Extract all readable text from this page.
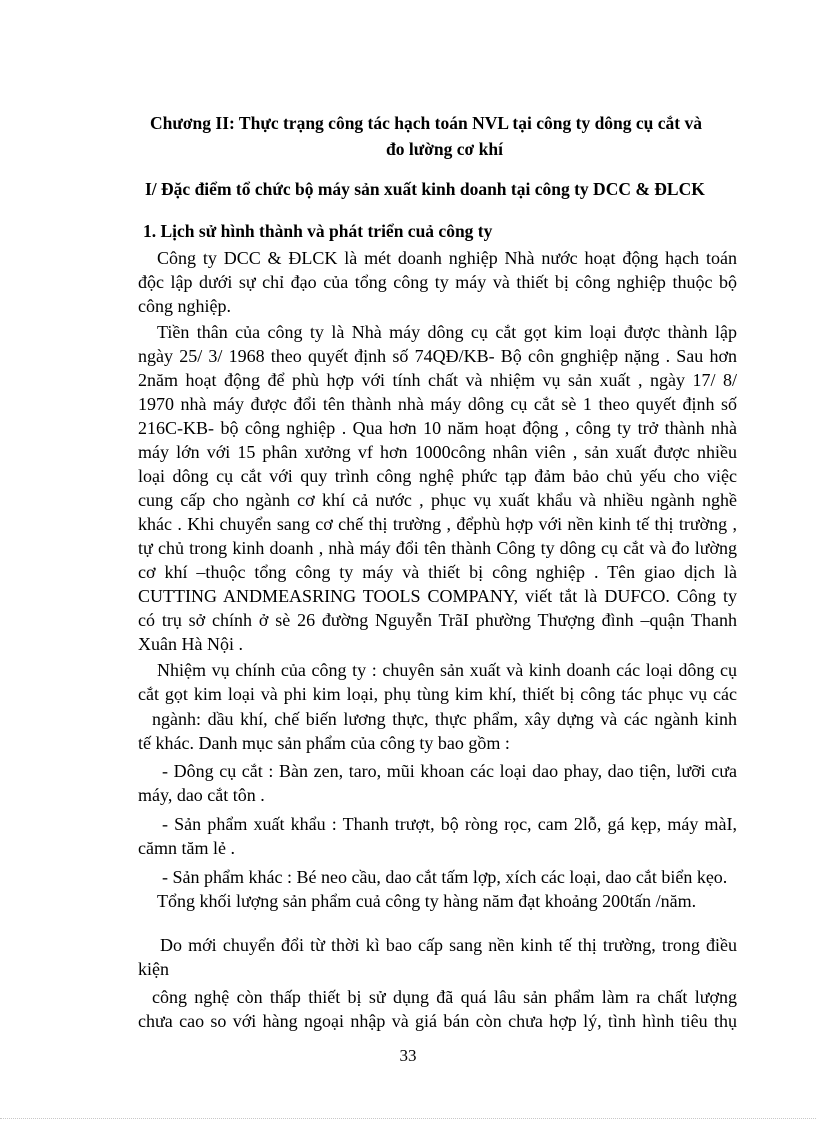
Chương II: Thực trạng công tác hạch toán NVL tại công ty dông cụ cắt và
đo lường cơ khí
I/ Đặc điểm tổ chức bộ máy sản xuất kinh doanh tại công ty DCC & ĐLCK
1. Lịch sử hình thành và phát triển cuả công ty
Công ty DCC & ĐLCK là mét doanh nghiệp Nhà nước hoạt động hạch toán
độc lập dưới sự chỉ đạo của tổng công ty máy và thiết bị công nghiệp thuộc bộ
công nghiệp.
Tiền thân của công ty là Nhà máy dông cụ cắt gọt kim loại được thành lập
ngày 25/ 3/ 1968 theo quyết định số 74QĐ/KB- Bộ côn gnghiệp nặng . Sau hơn
2năm hoạt động để phù hợp với tính chất và nhiệm vụ sản xuất , ngày 17/ 8/
1970 nhà máy được đổi tên thành nhà máy dông cụ cắt sè 1 theo quyết định số
216C-KB- bộ công nghiệp . Qua hơn 10 năm hoạt động , công ty trở thành nhà
máy lớn với 15 phân xưởng vf hơn 1000công nhân viên , sản xuất được nhiều
loại dông cụ cắt với quy trình công nghệ phức tạp đảm bảo chủ yếu cho việc
cung cấp cho ngành cơ khí cả nước , phục vụ xuất khẩu và nhiều ngành nghề
khác . Khi chuyển sang cơ chế thị trường , đểphù hợp với nền kinh tế thị trường ,
tự chủ trong kinh doanh , nhà máy đổi tên thành Công ty dông cụ cắt và đo lường
cơ khí –thuộc tổng công ty máy và thiết bị công nghiệp . Tên giao dịch là
CUTTING ANDMEASRING TOOLS COMPANY, viết tắt là DUFCO. Công ty
có trụ sở chính ở sè 26 đường Nguyễn TrãI phường Thượng đình –quận Thanh
Xuân Hà Nội .
Nhiệm vụ chính của công ty : chuyên sản xuất và kinh doanh các loại dông cụ
cắt gọt kim loại và phi kim loại, phụ tùng kim khí, thiết bị công tác phục vụ các
ngành: dầu khí, chế biến lương thực, thực phẩm, xây dựng và các ngành kinh
tế khác. Danh mục sản phẩm của công ty bao gồm :
- Dông cụ cắt : Bàn zen, taro, mũi khoan các loại dao phay, dao tiện, lưỡi cưa
máy, dao cắt tôn .
- Sản phẩm xuất khẩu : Thanh trượt, bộ ròng rọc, cam 2lỗ, gá kẹp, máy màI,
cămn tăm lẻ .
- Sản phẩm khác : Bé neo cầu, dao cắt tấm lợp, xích các loại, dao cắt biển kẹo.
Tổng khối lượng sản phẩm cuả công ty hàng năm đạt khoảng 200tấn /năm.
Do mới chuyển đổi từ thời kì bao cấp sang nền kinh tế thị trường, trong điều
kiện
công nghệ còn thấp thiết bị sử dụng đã quá lâu sản phẩm làm ra chất lượng
chưa cao so với hàng ngoại nhập và giá bán còn chưa hợp lý, tình hình tiêu thụ
33
